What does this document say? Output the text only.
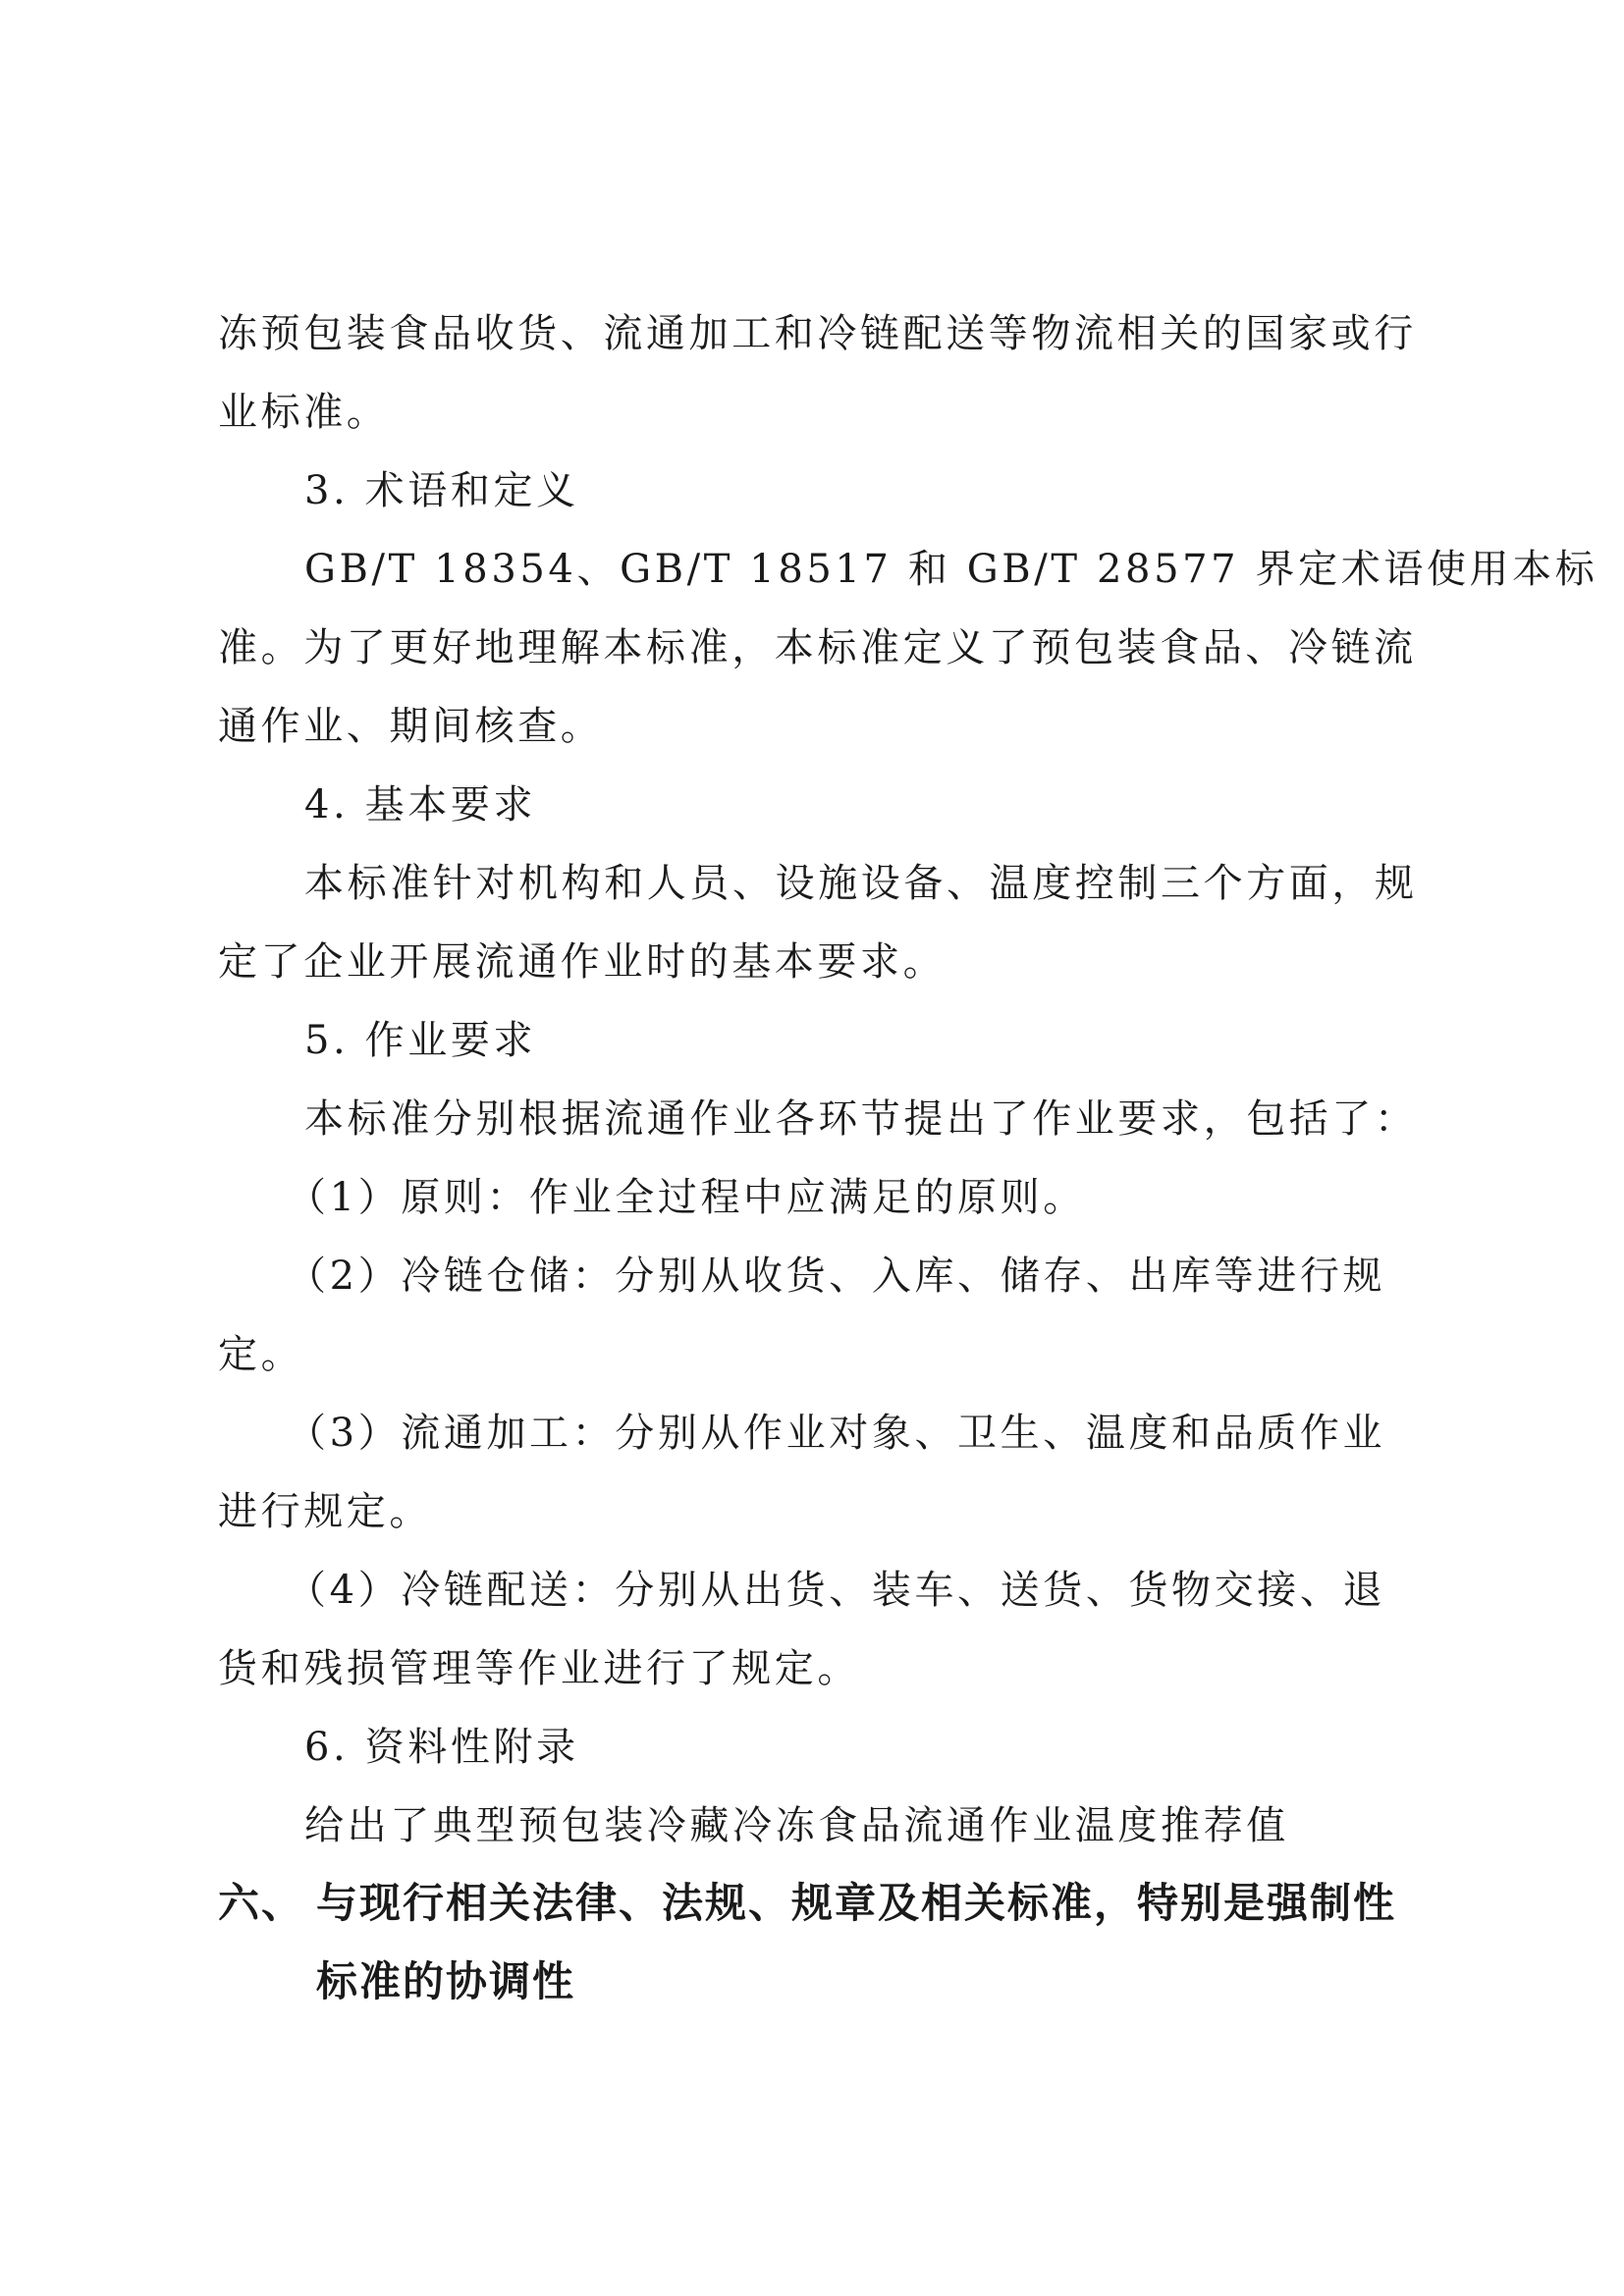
冻预包装食品收货、流通加工和冷链配送等物流相关的国家或行
业标准。
3. 术语和定义
GB/T 18354、GB/T 18517 和 GB/T 28577 界定术语使用本标
准。为了更好地理解本标准，本标准定义了预包装食品、冷链流
通作业、期间核查。
4. 基本要求
本标准针对机构和人员、设施设备、温度控制三个方面，规
定了企业开展流通作业时的基本要求。
5. 作业要求
本标准分别根据流通作业各环节提出了作业要求，包括了：
（1）原则：作业全过程中应满足的原则。
（2）冷链仓储：分别从收货、入库、储存、出库等进行规
定。
（3）流通加工：分别从作业对象、卫生、温度和品质作业
进行规定。
（4）冷链配送：分别从出货、装车、送货、货物交接、退
货和残损管理等作业进行了规定。
6. 资料性附录
给出了典型预包装冷藏冷冻食品流通作业温度推荐值
六、 与现行相关法律、法规、规章及相关标准，特别是强制性
标准的协调性
